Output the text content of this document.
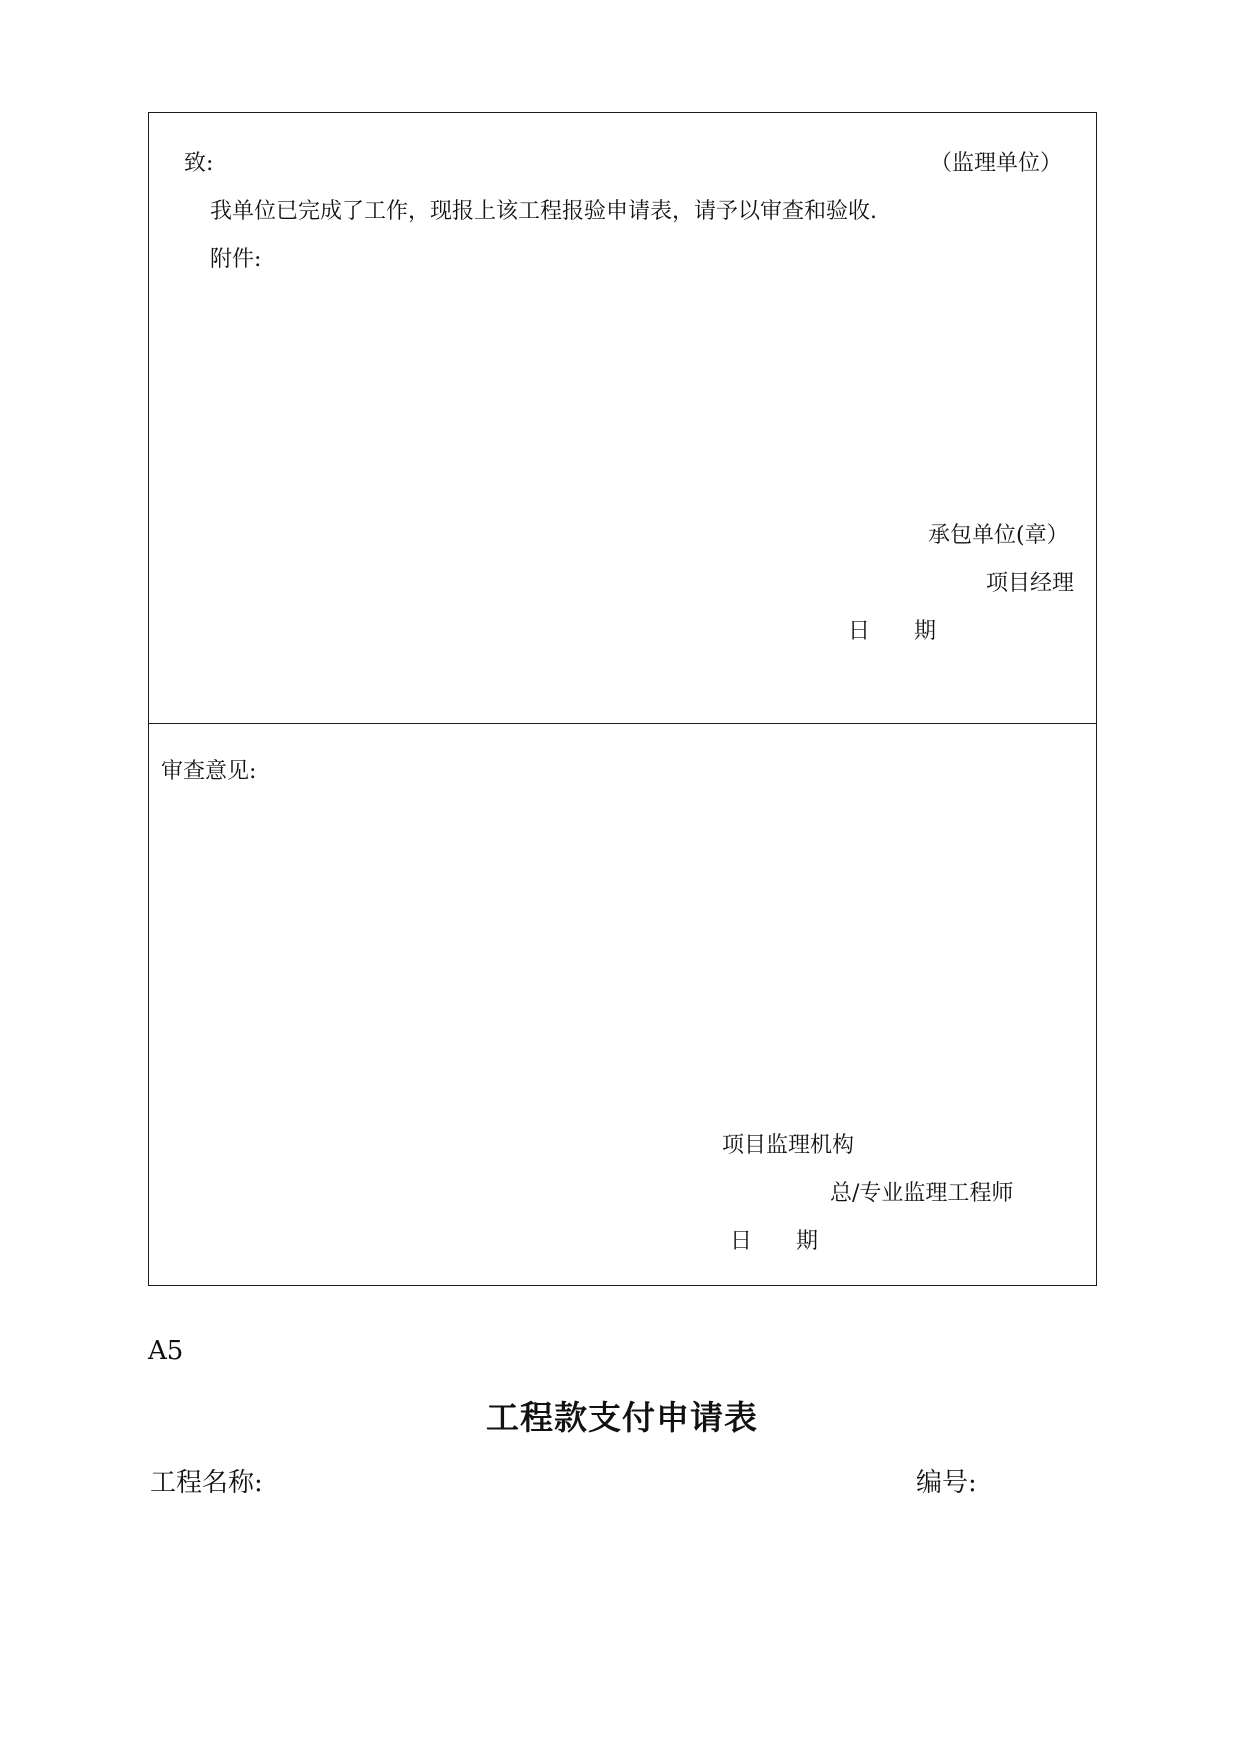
致:	（监理单位）
我单位已完成了工作，现报上该工程报验申请表，请予以审查和验收.
附件:
承包单位(章）
项目经理
日　　期
审查意见:
项目监理机构
总/专业监理工程师
日　　期
A5
工程款支付申请表
工程名称:	编号:
